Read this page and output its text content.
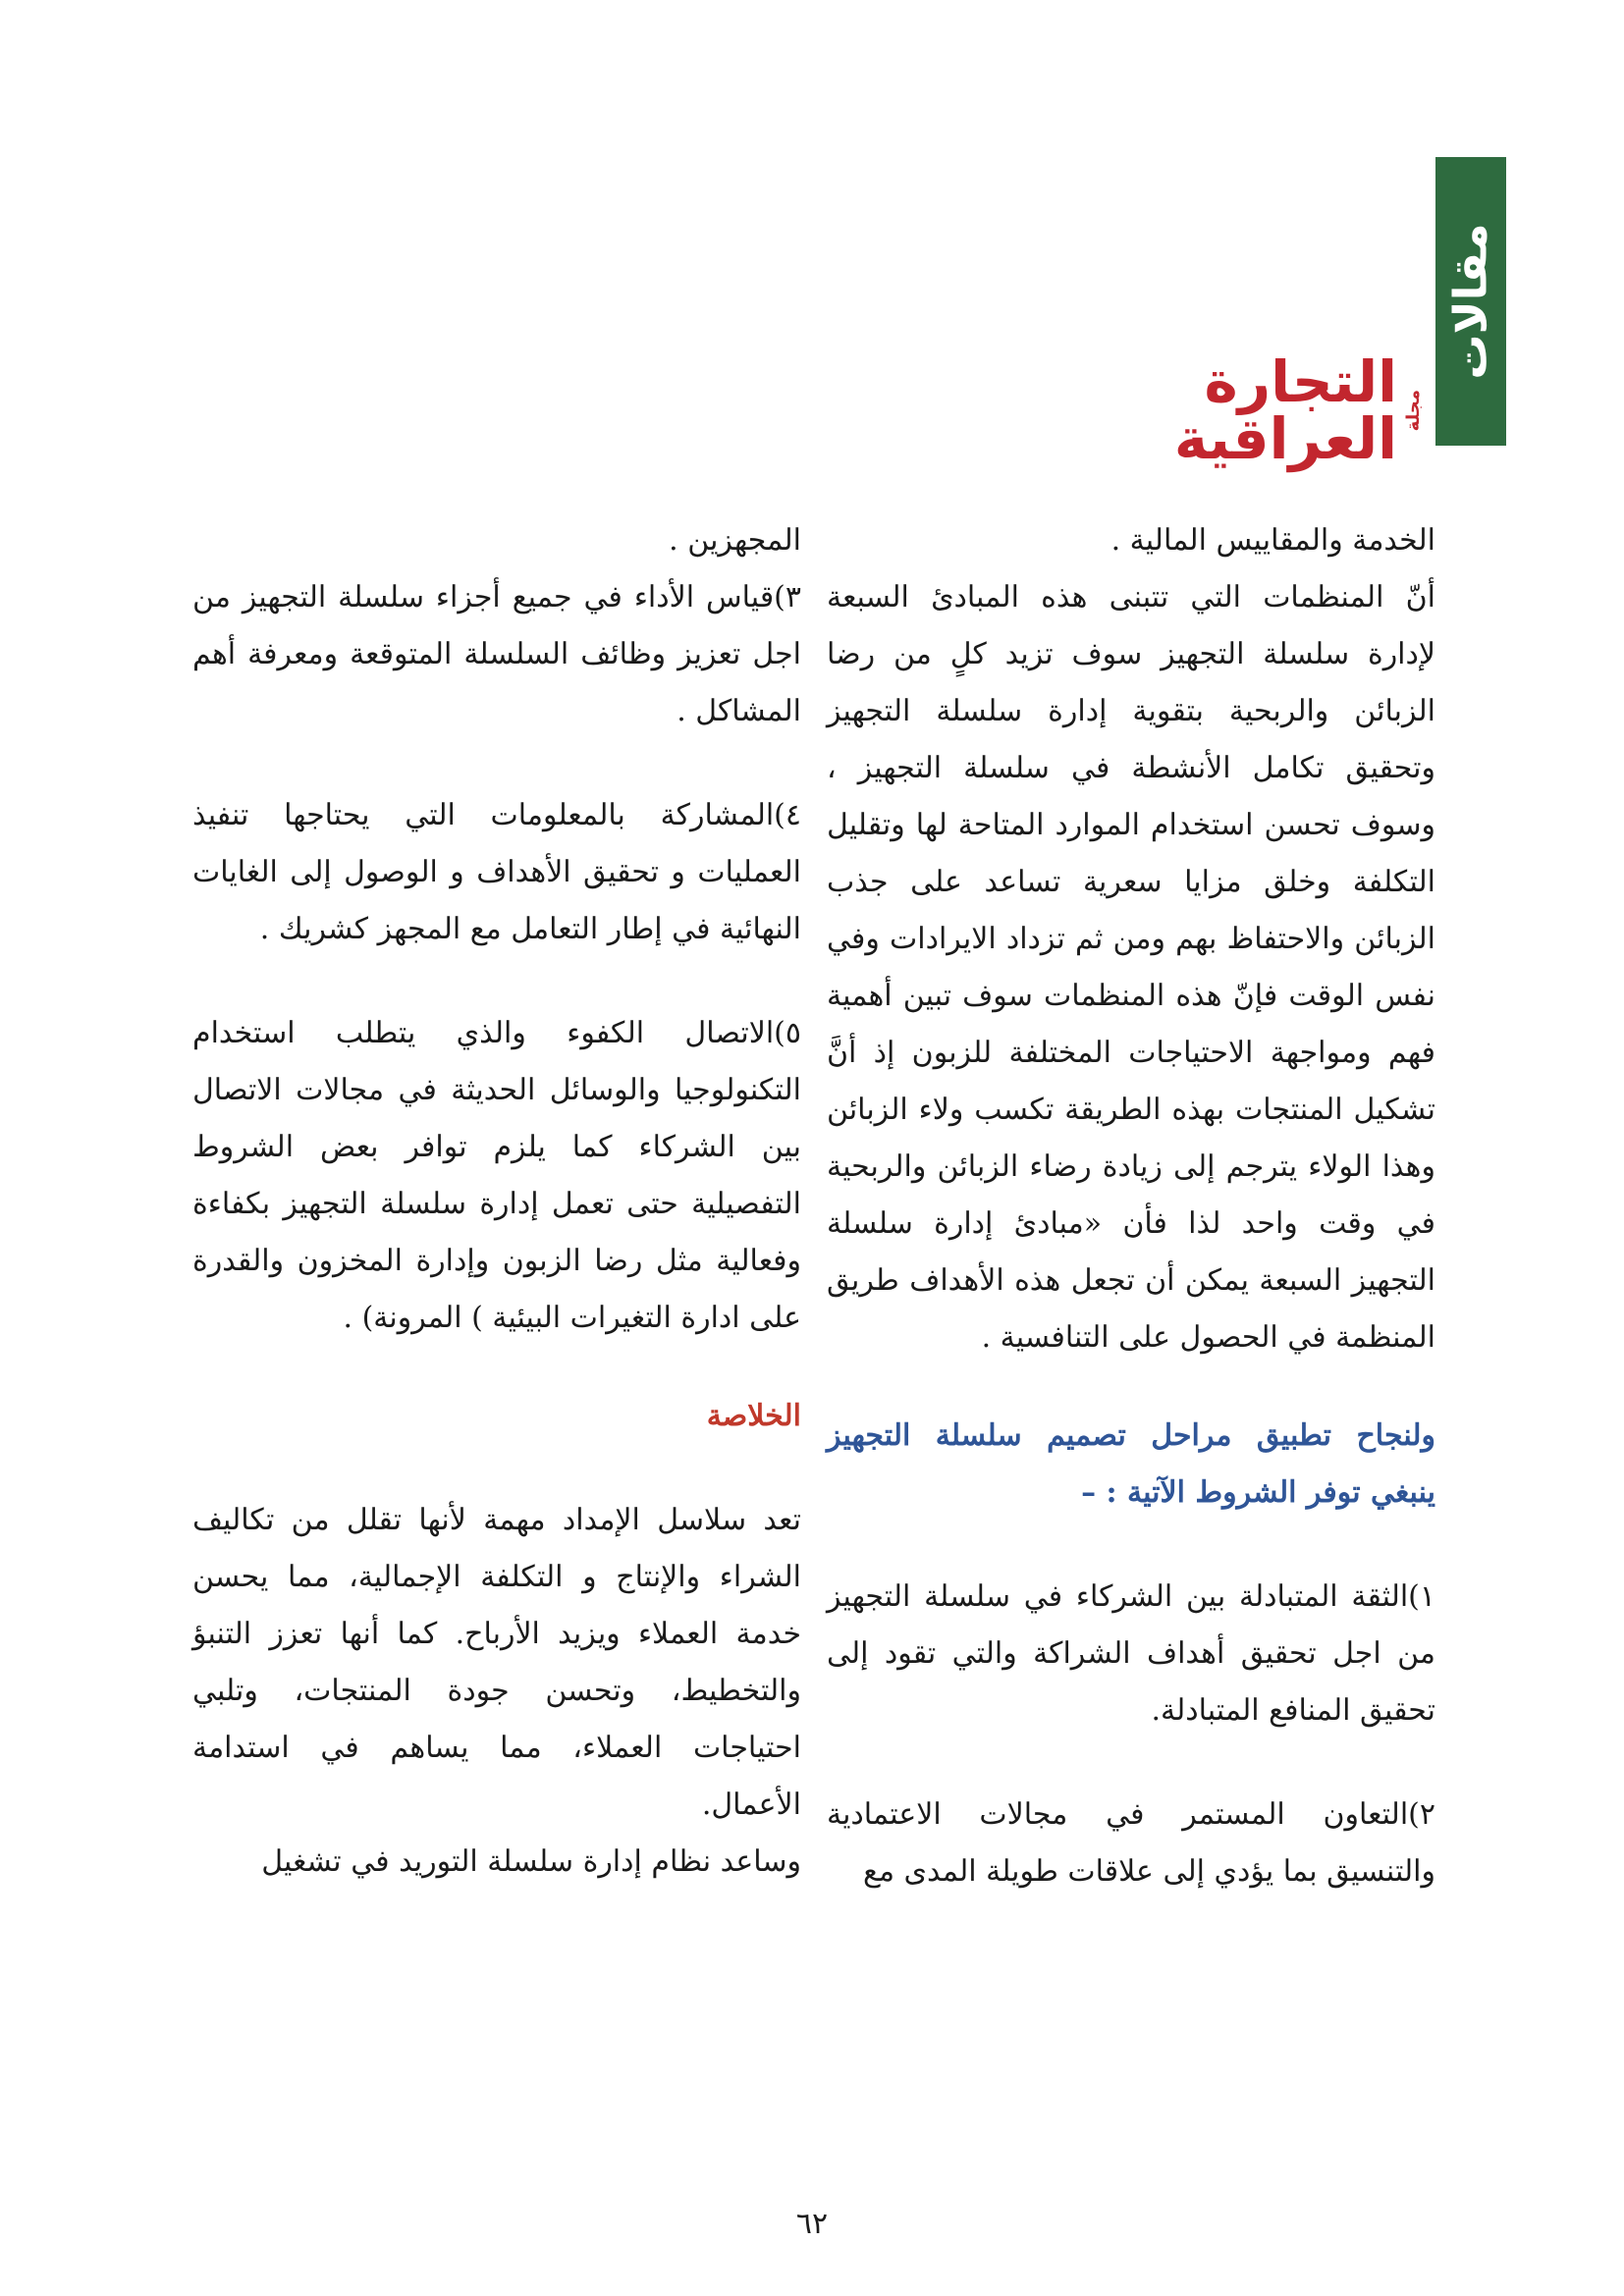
مقالات
التجارة العراقية مجلة

الخدمة والمقاييس المالية .

أنّ المنظمات التي تتبنى هذه المبادئ السبعة لإدارة سلسلة التجهيز سوف تزيد كلٍ من رضا الزبائن والربحية بتقوية إدارة سلسلة التجهيز وتحقيق تكامل الأنشطة في سلسلة التجهيز ، وسوف تحسن استخدام الموارد المتاحة لها وتقليل التكلفة وخلق مزايا سعرية تساعد على جذب الزبائن والاحتفاظ بهم ومن ثم تزداد الايرادات وفي نفس الوقت فإنّ هذه المنظمات سوف تبين أهمية فهم ومواجهة الاحتياجات المختلفة للزبون إذ أنَّ تشكيل المنتجات بهذه الطريقة تكسب ولاء الزبائن وهذا الولاء يترجم إلى زيادة رضاء الزبائن والربحية في وقت واحد لذا فأن «مبادئ إدارة سلسلة التجهيز السبعة يمكن أن تجعل هذه الأهداف طريق المنظمة في الحصول على التنافسية .

ولنجاح تطبيق مراحل تصميم سلسلة التجهيز ينبغي توفر الشروط الآتية : –

١)الثقة المتبادلة بين الشركاء في سلسلة التجهيز من اجل تحقيق أهداف الشراكة والتي تقود إلى تحقيق المنافع المتبادلة.

٢)التعاون المستمر في مجالات الاعتمادية والتنسيق بما يؤدي إلى علاقات طويلة المدى مع

المجهزين .

٣)قياس الأداء في جميع أجزاء سلسلة التجهيز من اجل تعزيز وظائف السلسلة المتوقعة ومعرفة أهم المشاكل .

٤)المشاركة بالمعلومات التي يحتاجها تنفيذ العمليات و تحقيق الأهداف و الوصول إلى الغايات النهائية في إطار التعامل مع المجهز كشريك .

٥)الاتصال الكفوء والذي يتطلب استخدام التكنولوجيا والوسائل الحديثة في مجالات الاتصال بين الشركاء كما يلزم توافر بعض الشروط التفصيلية حتى تعمل إدارة سلسلة التجهيز بكفاءة وفعالية مثل رضا الزبون وإدارة المخزون والقدرة على ادارة التغيرات البيئية ) المرونة) .

الخلاصة

تعد سلاسل الإمداد مهمة لأنها تقلل من تكاليف الشراء والإنتاج و التكلفة الإجمالية، مما يحسن خدمة العملاء ويزيد الأرباح. كما أنها تعزز التنبؤ والتخطيط، وتحسن جودة المنتجات، وتلبي احتياجات العملاء، مما يساهم في استدامة الأعمال.

وساعد نظام إدارة سلسلة التوريد في تشغيل

٦٢
